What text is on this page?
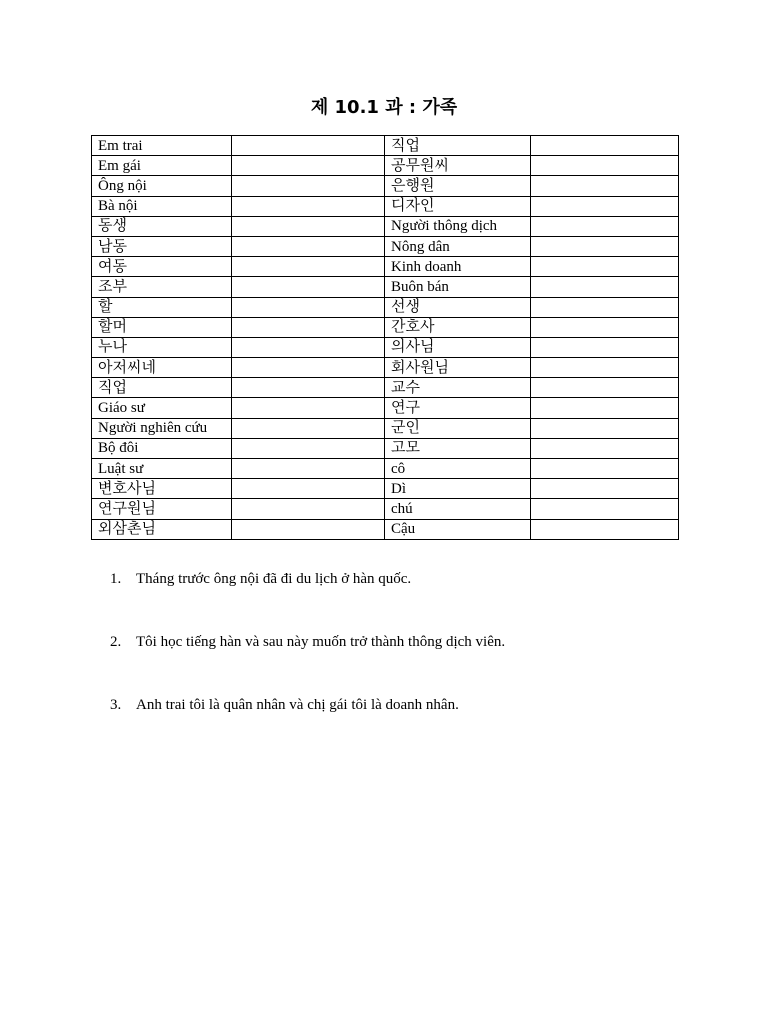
제 10.1 과 : 가족
Em trai		직업	
Em gái		공무원씨	
Ông nội		은행원	
Bà nội		디자인	
동생		Người thông dịch	
남동		Nông dân	
여동		Kinh doanh	
조부		Buôn bán	
할		선생	
할머		간호사	
누나		의사님	
아저씨네		회사원님	
직업		교수	
Giáo sư		연구	
Người nghiên cứu		군인	
Bộ đôi		고모	
Luật sư		cô	
변호사님		Dì	
연구원님		chú	
외삼촌님		Cậu	
1. Tháng trước ông nội đã đi du lịch ở hàn quốc.
2. Tôi học tiếng hàn và sau này muốn trở thành thông dịch viên.
3. Anh trai tôi là quân nhân và chị gái tôi là doanh nhân.
